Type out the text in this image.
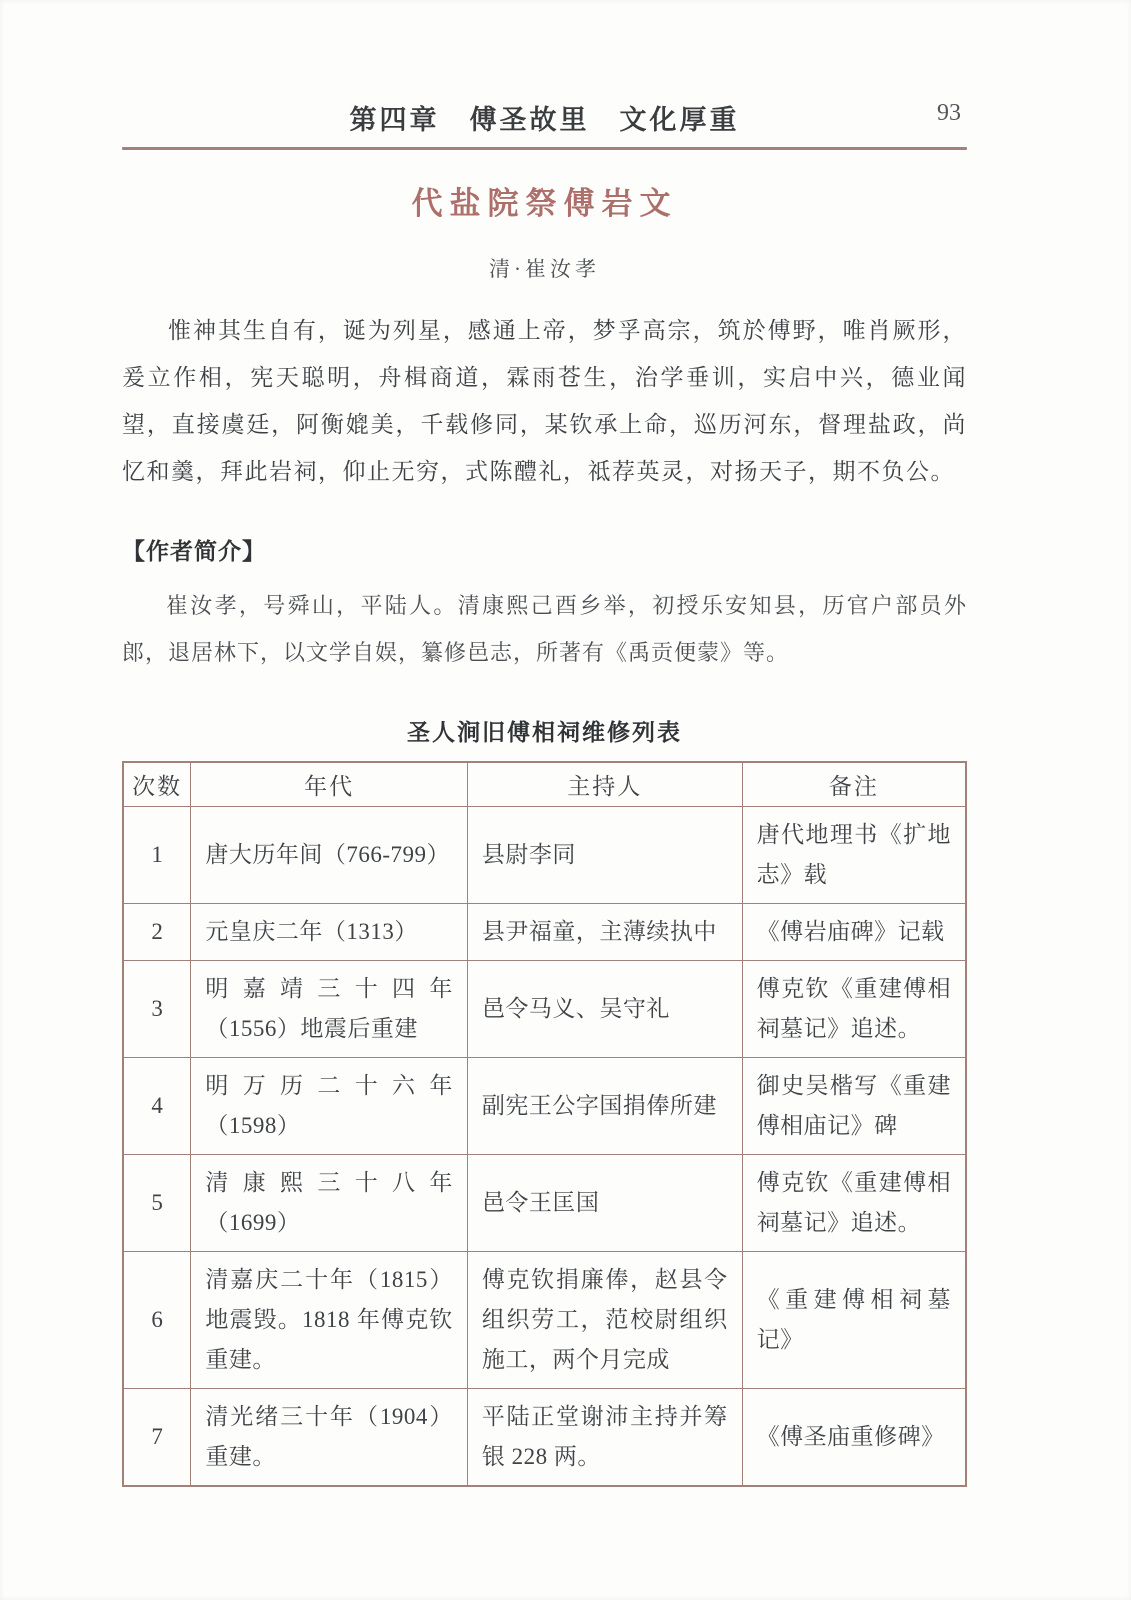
第四章　傅圣故里　文化厚重	93
代盐院祭傅岩文
清·崔汝孝

惟神其生自有，诞为列星，感通上帝，梦孚高宗，筑於傅野，唯肖厥形，爰立作相，宪天聪明，舟楫商道，霖雨苍生，治学垂训，实启中兴，德业闻望，直接虞廷，阿衡媲美，千载修同，某钦承上命，巡历河东，督理盐政，尚忆和羹，拜此岩祠，仰止无穷，式陈醴礼，祗荐英灵，对扬天子，期不负公。

【作者简介】

崔汝孝，号舜山，平陆人。清康熙己酉乡举，初授乐安知县，历官户部员外郎，退居林下，以文学自娱，纂修邑志，所著有《禹贡便蒙》等。

圣人涧旧傅相祠维修列表
次数	年代	主持人	备注
1	唐大历年间（766-799）	县尉李同	唐代地理书《扩地志》载
2	元皇庆二年（1313）	县尹福童，主薄续执中	《傅岩庙碑》记载
3	明嘉靖三十四年（1556）地震后重建	邑令马义、吴守礼	傅克钦《重建傅相祠墓记》追述。
4	明万历二十六年（1598）	副宪王公字国捐俸所建	御史吴楷写《重建傅相庙记》碑
5	清康熙三十八年（1699）	邑令王匡国	傅克钦《重建傅相祠墓记》追述。
6	清嘉庆二十年（1815）地震毁。1818 年傅克钦重建。	傅克钦捐廉俸，赵县令组织劳工，范校尉组织施工，两个月完成	《重建傅相祠墓记》
7	清光绪三十年（1904）重建。	平陆正堂谢沛主持并筹银 228 两。	《傅圣庙重修碑》
